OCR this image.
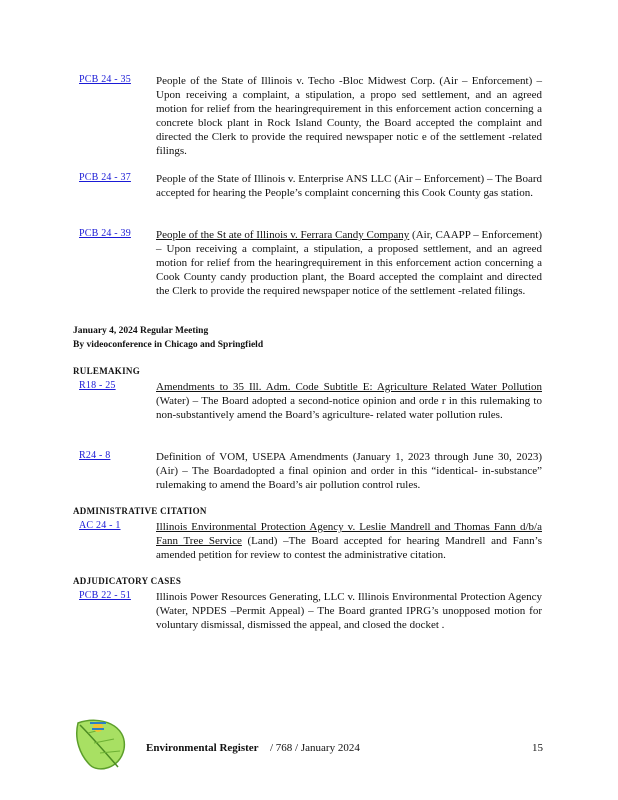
PCB 24 - 35 People of the State of Illinois v. Techo -Bloc Midwest Corp. (Air – Enforcement) – Upon receiving a complaint, a stipulation, a propo sed settlement, and an agreed motion for relief from the hearingrequirement in this enforcement action concerning a concrete block plant in Rock Island County, the Board accepted the complaint and directed the Clerk to provide the required newspaper notic e of the settlement -related filings.
PCB 24 - 37 People of the State of Illinois v. Enterprise ANS LLC (Air – Enforcement) – The Board accepted for hearing the People’s complaint concerning this Cook County gas station.
PCB 24 - 39 People of the St ate of Illinois v. Ferrara Candy Company (Air, CAAPP – Enforcement) – Upon receiving a complaint, a stipulation, a proposed settlement, and an agreed motion for relief from the hearingrequirement in this enforcement action concerning a Cook County candy production plant, the Board accepted the complaint and directed the Clerk to provide the required newspaper notice of the settlement -related filings.
January 4, 2024 Regular Meeting
By videoconference in Chicago and Springfield
RULEMAKING
R18 - 25	Amendments to 35 Ill. Adm. Code Subtitle E: Agriculture Related Water Pollution (Water) – The Board adopted a second-notice opinion and orde r in this rulemaking to non-substantively amend the Board’s agriculture- related water pollution rules.
R24 - 8	Definition of VOM, USEPA Amendments (January 1, 2023 through June 30, 2023) (Air) – The Boardadopted a final opinion and order in this “identical- in-substance” rulemaking to amend the Board’s air pollution control rules.
ADMINISTRATIVE CITATION
AC 24 - 1	Illinois Environmental Protection Agency v. Leslie Mandrell and Thomas Fann d/b/a Fann Tree Service (Land) –The Board accepted for hearing Mandrell and Fann’s amended petition for review to contest the administrative citation.
ADJUDICATORY CASES
PCB 22 - 51 Illinois Power Resources Generating, LLC v. Illinois Environmental Protection Agency (Water, NPDES –Permit Appeal) – The Board granted IPRG’s unopposed motion for voluntary dismissal, dismissed the appeal, and closed the docket .
Environmental Register / 768 / January 2024	15
